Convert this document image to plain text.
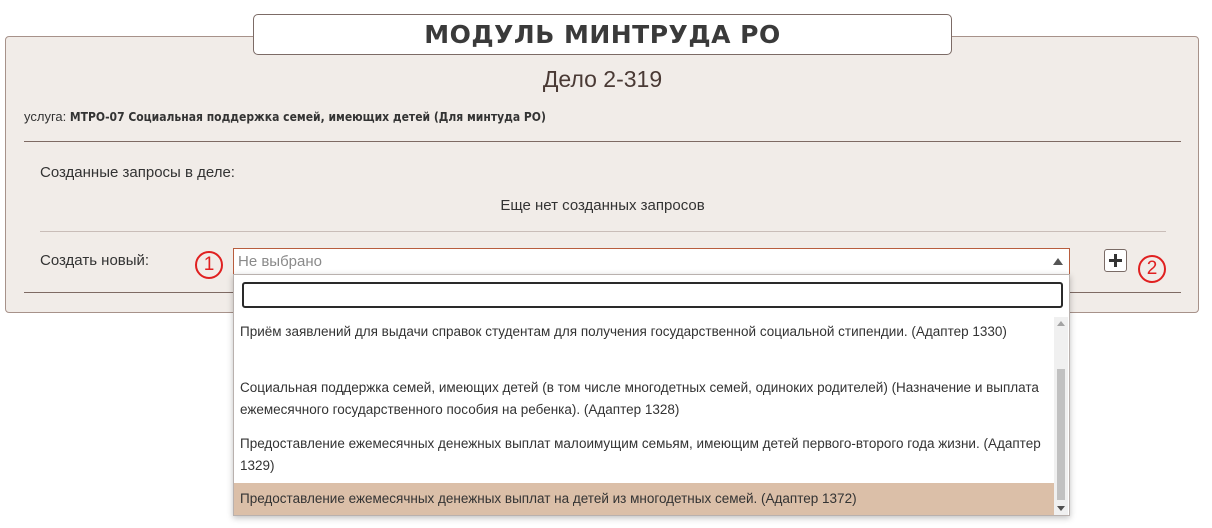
МОДУЛЬ МИНТРУДА РО
Дело 2-319
услуга: МТРО-07 Социальная поддержка семей, имеющих детей (Для минтуда РО)
Созданные запросы в деле:
Еще нет созданных запросов
Создать новый:	1	Не выбрано	2
Приём заявлений для выдачи справок студентам для получения государственной социальной стипендии. (Адаптер 1330)
Социальная поддержка семей, имеющих детей (в том числе многодетных семей, одиноких родителей) (Назначение и выплата ежемесячного государственного пособия на ребенка). (Адаптер 1328)
Предоставление ежемесячных денежных выплат малоимущим семьям, имеющим детей первого-второго года жизни. (Адаптер 1329)
Предоставление ежемесячных денежных выплат на детей из многодетных семей. (Адаптер 1372)
